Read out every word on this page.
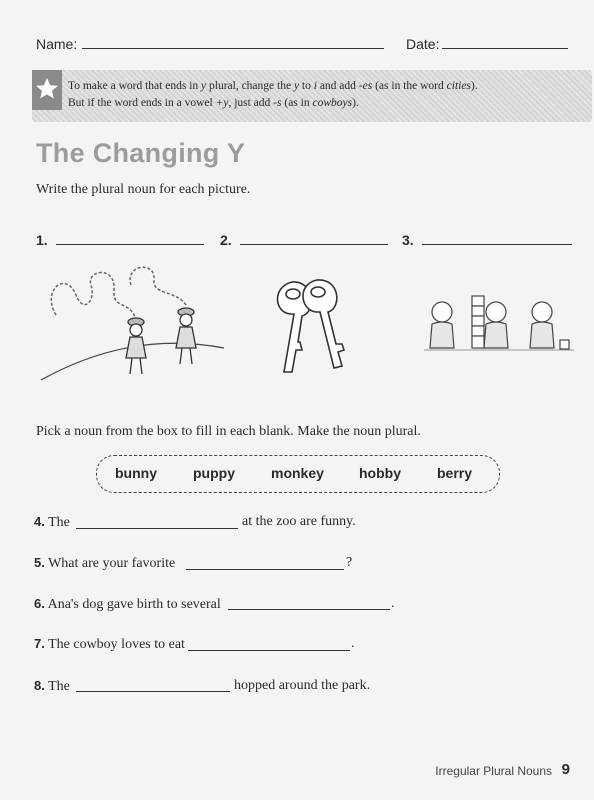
Name:	Date:
To make a word that ends in y plural, change the y to i and add -es (as in the word cities).
But if the word ends in a vowel +y, just add -s (as in cowboys).
The Changing Y
Write the plural noun for each picture.
1.	2.	3.
Pick a noun from the box to fill in each blank. Make the noun plural.
bunny	puppy	monkey	hobby	berry
4. The	at the zoo are funny.
5. What are your favorite	?
6. Ana's dog gave birth to several	.
7. The cowboy loves to eat	.
8. The	hopped around the park.
Irregular Plural Nouns 9
